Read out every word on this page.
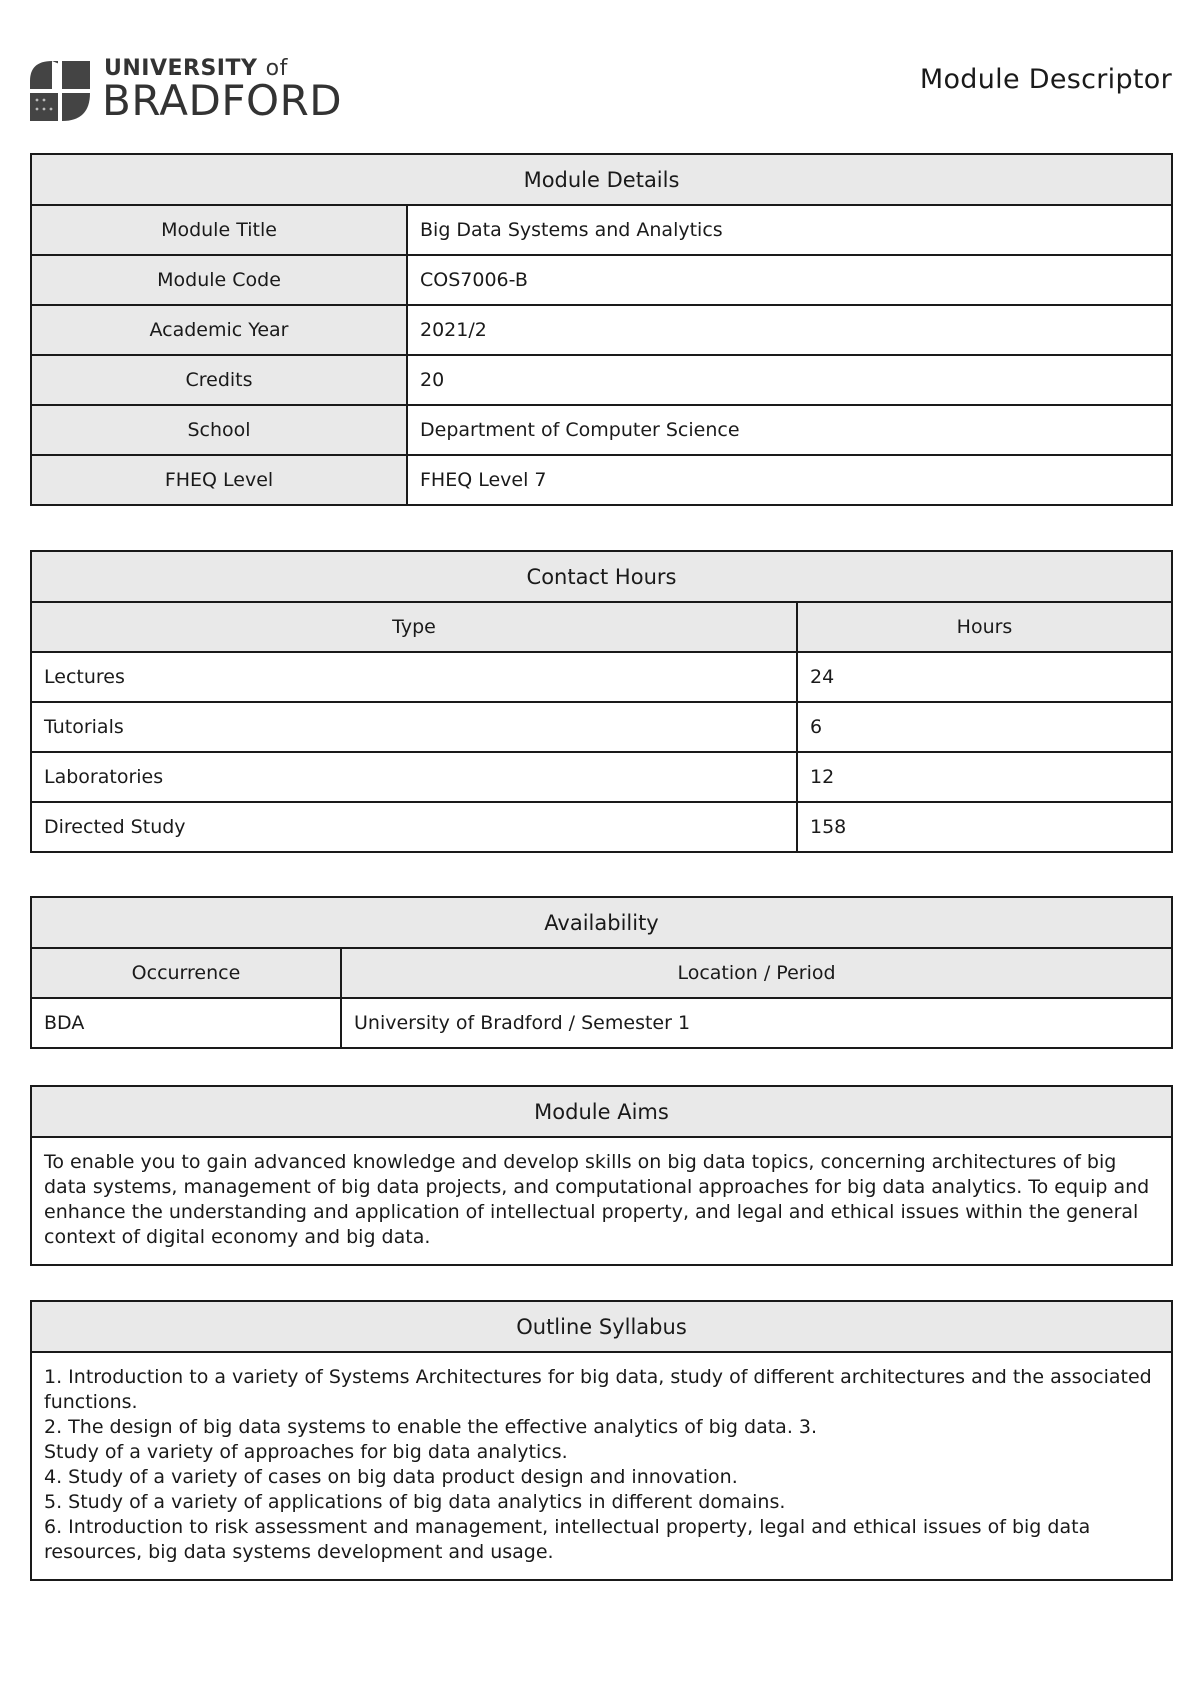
UNIVERSITY of
BRADFORD	Module Descriptor
Module Details	
Module Title	Big Data Systems and Analytics
Module Code	COS7006-B
Academic Year	2021/2
Credits	20
School	Department of Computer Science
FHEQ Level	FHEQ Level 7
Contact Hours	
Type	Hours
Lectures	24
Tutorials	6
Laboratories	12
Directed Study	158
Availability	
Occurrence	Location / Period
BDA	University of Bradford / Semester 1
Module Aims
To enable you to gain advanced knowledge and develop skills on big data topics, concerning architectures of big data systems, management of big data projects, and computational approaches for big data analytics. To equip and enhance the understanding and application of intellectual property, and legal and ethical issues within the general context of digital economy and big data.
Outline Syllabus

1. Introduction to a variety of Systems Architectures for big data, study of different architectures and the associated functions.
2. The design of big data systems to enable the effective analytics of big data. 3.
Study of a variety of approaches for big data analytics.
4. Study of a variety of cases on big data product design and innovation.
5. Study of a variety of applications of big data analytics in different domains.
6. Introduction to risk assessment and management, intellectual property, legal and ethical issues of big data resources, big data systems development and usage.
